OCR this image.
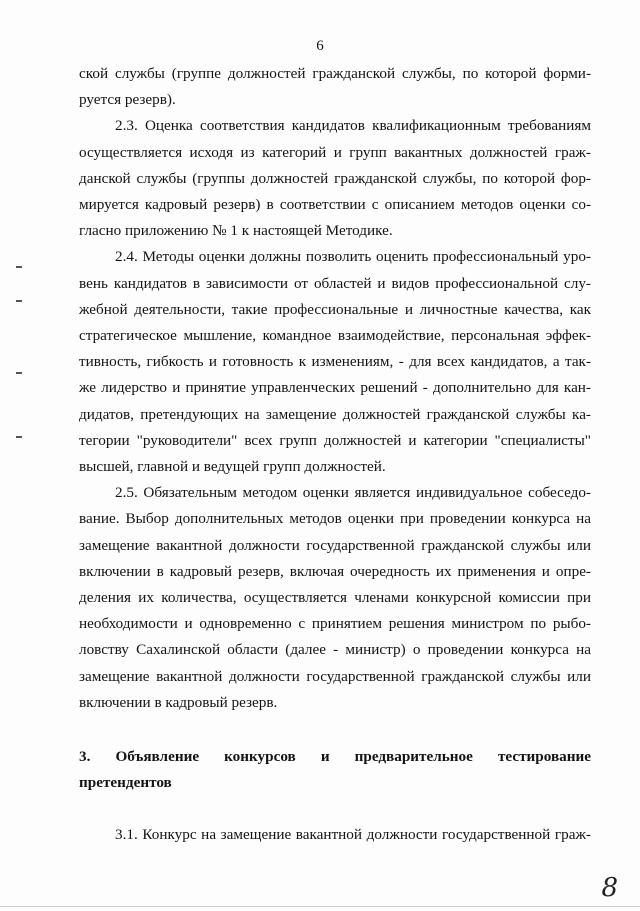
6

ской службы (группе должностей гражданской службы, по которой форми-

руется резерв).

2.3. Оценка соответствия кандидатов квалификационным требованиям

осуществляется исходя из категорий и групп вакантных должностей граж-

данской службы (группы должностей гражданской службы, по которой фор-

мируется кадровый резерв) в соответствии с описанием методов оценки со-

гласно приложению № 1 к настоящей Методике.

2.4. Методы оценки должны позволить оценить профессиональный уро-

вень кандидатов в зависимости от областей и видов профессиональной слу-

жебной деятельности, такие профессиональные и личностные качества, как

стратегическое мышление, командное взаимодействие, персональная эффек-

тивность, гибкость и готовность к изменениям, - для всех кандидатов, а так-

же лидерство и принятие управленческих решений - дополнительно для кан-

дидатов, претендующих на замещение должностей гражданской службы ка-

тегории "руководители" всех групп должностей и категории "специалисты"

высшей, главной и ведущей групп должностей.

2.5. Обязательным методом оценки является индивидуальное собеседо-

вание. Выбор дополнительных методов оценки при проведении конкурса на

замещение вакантной должности государственной гражданской службы или

включении в кадровый резерв, включая очередность их применения и опре-

деления их количества, осуществляется членами конкурсной комиссии при

необходимости и одновременно с принятием решения министром по рыбо-

ловству Сахалинской области (далее - министр) о проведении конкурса на

замещение вакантной должности государственной гражданской службы или

включении в кадровый резерв.

3. Объявление конкурсов и предварительное тестирование

претендентов

3.1. Конкурс на замещение вакантной должности государственной граж-

8
